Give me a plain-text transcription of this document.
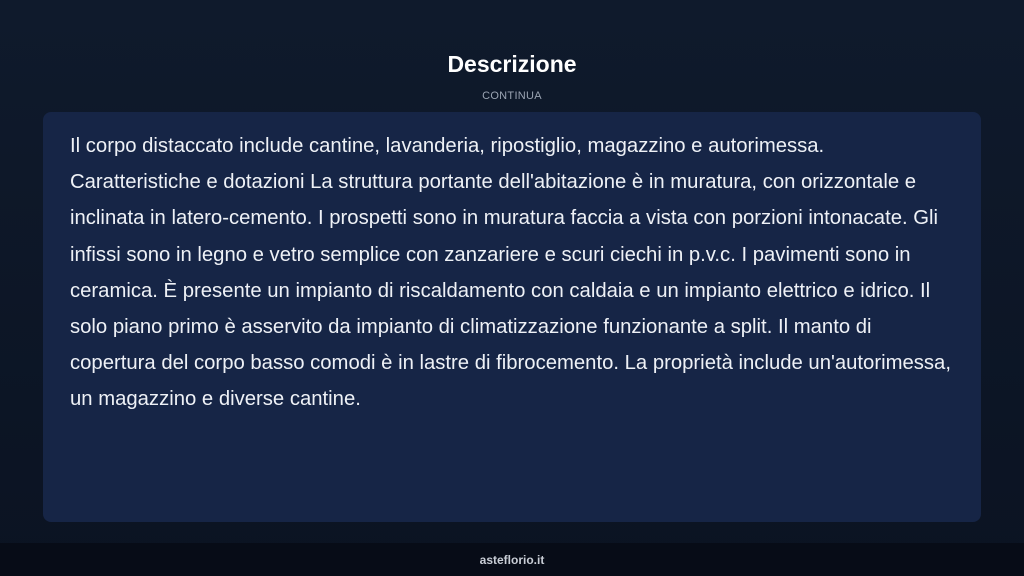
Descrizione
CONTINUA

Il corpo distaccato include cantine, lavanderia, ripostiglio, magazzino e autorimessa. Caratteristiche e dotazioni La struttura portante dell'abitazione è in muratura, con orizzontale e inclinata in latero-cemento. I prospetti sono in muratura faccia a vista con porzioni intonacate. Gli infissi sono in legno e vetro semplice con zanzariere e scuri ciechi in p.v.c. I pavimenti sono in ceramica. È presente un impianto di riscaldamento con caldaia e un impianto elettrico e idrico. Il solo piano primo è asservito da impianto di climatizzazione funzionante a split. Il manto di copertura del corpo basso comodi è in lastre di fibrocemento. La proprietà include un'autorimessa, un magazzino e diverse cantine.

asteflorio.it
